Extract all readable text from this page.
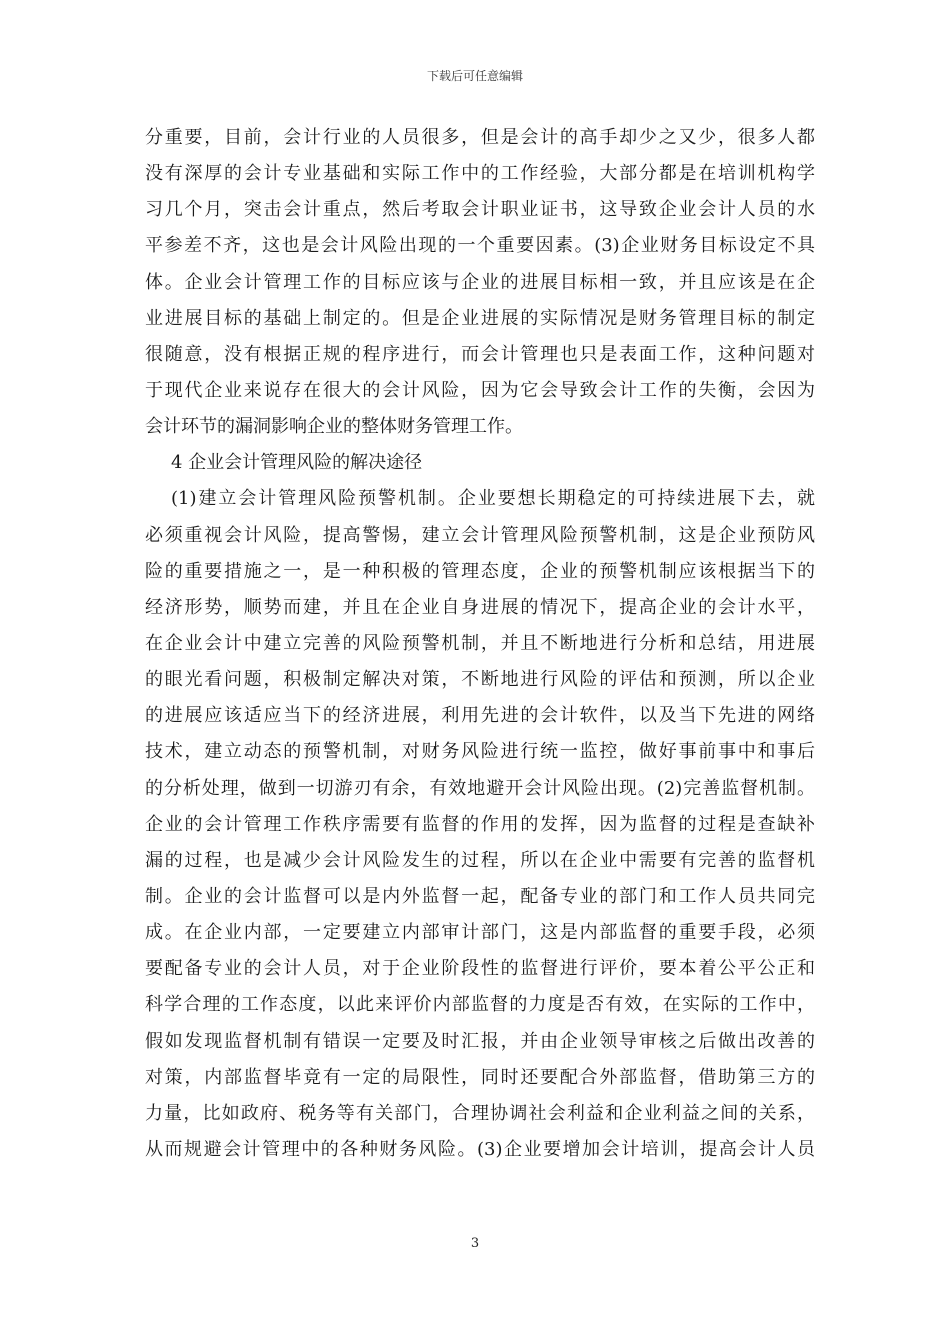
下载后可任意编辑
分重要，目前，会计行业的人员很多，但是会计的高手却少之又少，很多人都
没有深厚的会计专业基础和实际工作中的工作经验，大部分都是在培训机构学
习几个月，突击会计重点，然后考取会计职业证书，这导致企业会计人员的水
平参差不齐，这也是会计风险出现的一个重要因素。(3)企业财务目标设定不具
体。企业会计管理工作的目标应该与企业的进展目标相一致，并且应该是在企
业进展目标的基础上制定的。但是企业进展的实际情况是财务管理目标的制定
很随意，没有根据正规的程序进行，而会计管理也只是表面工作，这种问题对
于现代企业来说存在很大的会计风险，因为它会导致会计工作的失衡，会因为
会计环节的漏洞影响企业的整体财务管理工作。
4 企业会计管理风险的解决途径
(1)建立会计管理风险预警机制。企业要想长期稳定的可持续进展下去，就
必须重视会计风险，提高警惕，建立会计管理风险预警机制，这是企业预防风
险的重要措施之一，是一种积极的管理态度，企业的预警机制应该根据当下的
经济形势，顺势而建，并且在企业自身进展的情况下，提高企业的会计水平，
在企业会计中建立完善的风险预警机制，并且不断地进行分析和总结，用进展
的眼光看问题，积极制定解决对策，不断地进行风险的评估和预测，所以企业
的进展应该适应当下的经济进展，利用先进的会计软件，以及当下先进的网络
技术，建立动态的预警机制，对财务风险进行统一监控，做好事前事中和事后
的分析处理，做到一切游刃有余，有效地避开会计风险出现。(2)完善监督机制。
企业的会计管理工作秩序需要有监督的作用的发挥，因为监督的过程是查缺补
漏的过程，也是减少会计风险发生的过程，所以在企业中需要有完善的监督机
制。企业的会计监督可以是内外监督一起，配备专业的部门和工作人员共同完
成。在企业内部，一定要建立内部审计部门，这是内部监督的重要手段，必须
要配备专业的会计人员，对于企业阶段性的监督进行评价，要本着公平公正和
科学合理的工作态度，以此来评价内部监督的力度是否有效，在实际的工作中，
假如发现监督机制有错误一定要及时汇报，并由企业领导审核之后做出改善的
对策，内部监督毕竟有一定的局限性，同时还要配合外部监督，借助第三方的
力量，比如政府、税务等有关部门，合理协调社会利益和企业利益之间的关系，
从而规避会计管理中的各种财务风险。(3)企业要增加会计培训，提高会计人员
3
